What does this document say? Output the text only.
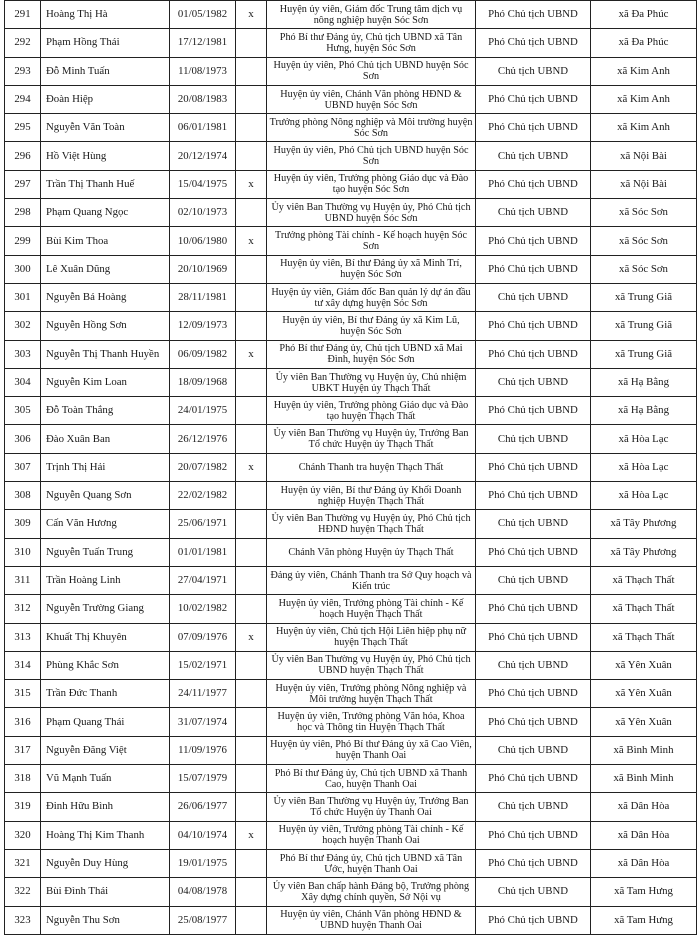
291	Hoàng Thị Hà	01/05/1982	x	Huyện ủy viên, Giám đốc Trung tâm dịch vụ nông nghiệp huyện Sóc Sơn	Phó Chủ tịch UBND	xã Đa Phúc
292	Phạm Hồng Thái	17/12/1981		Phó Bí thư Đảng ủy, Chủ tịch UBND xã Tân Hưng, huyện Sóc Sơn	Phó Chủ tịch UBND	xã Đa Phúc
293	Đỗ Minh Tuấn	11/08/1973		Huyện ủy viên, Phó Chủ tịch UBND huyện Sóc Sơn	Chủ tịch UBND	xã Kim Anh
294	Đoàn Hiệp	20/08/1983		Huyện ủy viên, Chánh Văn phòng HĐND & UBND huyện Sóc Sơn	Phó Chủ tịch UBND	xã Kim Anh
295	Nguyễn Văn Toàn	06/01/1981		Trưởng phòng Nông nghiệp và Môi trường huyện Sóc Sơn	Phó Chủ tịch UBND	xã Kim Anh
296	Hồ Việt Hùng	20/12/1974		Huyện ủy viên, Phó Chủ tịch UBND huyện Sóc Sơn	Chủ tịch UBND	xã Nội Bài
297	Trần Thị Thanh Huế	15/04/1975	x	Huyện ủy viên, Trưởng phòng Giáo dục và Đào tạo huyện Sóc Sơn	Phó Chủ tịch UBND	xã Nội Bài
298	Phạm Quang Ngọc	02/10/1973		Ủy viên Ban Thường vụ Huyện ủy, Phó Chủ tịch UBND huyện Sóc Sơn	Chủ tịch UBND	xã Sóc Sơn
299	Bùi Kim Thoa	10/06/1980	x	Trưởng phòng Tài chính - Kế hoạch huyện Sóc Sơn	Phó Chủ tịch UBND	xã Sóc Sơn
300	Lê Xuân Dũng	20/10/1969		Huyện ủy viên, Bí thư Đảng ủy xã Minh Trí, huyện Sóc Sơn	Phó Chủ tịch UBND	xã Sóc Sơn
301	Nguyễn Bá Hoàng	28/11/1981		Huyện ủy viên, Giám đốc Ban quản lý dự án đầu tư xây dựng huyện Sóc Sơn	Chủ tịch UBND	xã Trung Giã
302	Nguyễn Hồng Sơn	12/09/1973		Huyện ủy viên, Bí thư Đảng ủy xã Kim Lũ, huyện Sóc Sơn	Phó Chủ tịch UBND	xã Trung Giã
303	Nguyễn Thị Thanh Huyền	06/09/1982	x	Phó Bí thư Đảng ủy, Chủ tịch UBND xã Mai Đình, huyện Sóc Sơn	Phó Chủ tịch UBND	xã Trung Giã
304	Nguyễn Kim Loan	18/09/1968		Ủy viên Ban Thường vụ Huyện ủy, Chủ nhiệm UBKT Huyện ủy Thạch Thất	Chủ tịch UBND	xã Hạ Bằng
305	Đỗ Toàn Thắng	24/01/1975		Huyện ủy viên, Trưởng phòng Giáo dục và Đào tạo huyện Thạch Thất	Phó Chủ tịch UBND	xã Hạ Bằng
306	Đào Xuân Ban	26/12/1976		Ủy viên Ban Thường vụ Huyện ủy, Trưởng Ban Tổ chức Huyện ủy Thạch Thất	Chủ tịch UBND	xã Hòa Lạc
307	Trịnh Thị Hải	20/07/1982	x	Chánh Thanh tra huyện Thạch Thất	Phó Chủ tịch UBND	xã Hòa Lạc
308	Nguyễn Quang Sơn	22/02/1982		Huyện ủy viên, Bí thư Đảng ủy Khối Doanh nghiệp Huyện Thạch Thất	Phó Chủ tịch UBND	xã Hòa Lạc
309	Cấn Văn Hương	25/06/1971		Ủy viên Ban Thường vụ Huyện ủy, Phó Chủ tịch HĐND huyện Thạch Thất	Chủ tịch UBND	xã Tây Phương
310	Nguyễn Tuấn Trung	01/01/1981		Chánh Văn phòng Huyện ủy Thạch Thất	Phó Chủ tịch UBND	xã Tây Phương
311	Trần Hoàng Linh	27/04/1971		Đảng ủy viên, Chánh Thanh tra Sở Quy hoạch và Kiến trúc	Chủ tịch UBND	xã Thạch Thất
312	Nguyễn Trường Giang	10/02/1982		Huyện ủy viên, Trưởng phòng Tài chính - Kế hoạch Huyện Thạch Thất	Phó Chủ tịch UBND	xã Thạch Thất
313	Khuất Thị Khuyên	07/09/1976	x	Huyện ủy viên, Chủ tịch Hội Liên hiệp phụ nữ huyện Thạch Thất	Phó Chủ tịch UBND	xã Thạch Thất
314	Phùng Khắc Sơn	15/02/1971		Ủy viên Ban Thường vụ Huyện ủy, Phó Chủ tịch UBND huyện Thạch Thất	Chủ tịch UBND	xã Yên Xuân
315	Trần Đức Thanh	24/11/1977		Huyện ủy viên, Trưởng phòng Nông nghiệp và Môi trường huyện Thạch Thất	Phó Chủ tịch UBND	xã Yên Xuân
316	Phạm Quang Thái	31/07/1974		Huyện ủy viên, Trưởng phòng Văn hóa, Khoa học và Thông tin Huyện Thạch Thất	Phó Chủ tịch UBND	xã Yên Xuân
317	Nguyễn Đăng Việt	11/09/1976		Huyện ủy viên, Phó Bí thư Đảng ủy xã Cao Viên, huyện Thanh Oai	Chủ tịch UBND	xã Bình Minh
318	Vũ Mạnh Tuấn	15/07/1979		Phó Bí thư Đảng ủy, Chủ tịch UBND xã Thanh Cao, huyện Thanh Oai	Phó Chủ tịch UBND	xã Bình Minh
319	Đinh Hữu Bình	26/06/1977		Ủy viên Ban Thường vụ Huyện ủy, Trưởng Ban Tổ chức Huyện ủy Thanh Oai	Chủ tịch UBND	xã Dân Hòa
320	Hoàng Thị Kim Thanh	04/10/1974	x	Huyện ủy viên, Trưởng phòng Tài chính - Kế hoạch huyện Thanh Oai	Phó Chủ tịch UBND	xã Dân Hòa
321	Nguyễn Duy Hùng	19/01/1975		Phó Bí thư Đảng ủy, Chủ tịch UBND xã Tân Ước, huyện Thanh Oai	Phó Chủ tịch UBND	xã Dân Hòa
322	Bùi Đình Thái	04/08/1978		Ủy viên Ban chấp hành Đảng bộ, Trưởng phòng Xây dựng chính quyền, Sở Nội vụ	Chủ tịch UBND	xã Tam Hưng
323	Nguyễn Thu Sơn	25/08/1977		Huyện ủy viên, Chánh Văn phòng HĐND & UBND huyện Thanh Oai	Phó Chủ tịch UBND	xã Tam Hưng
